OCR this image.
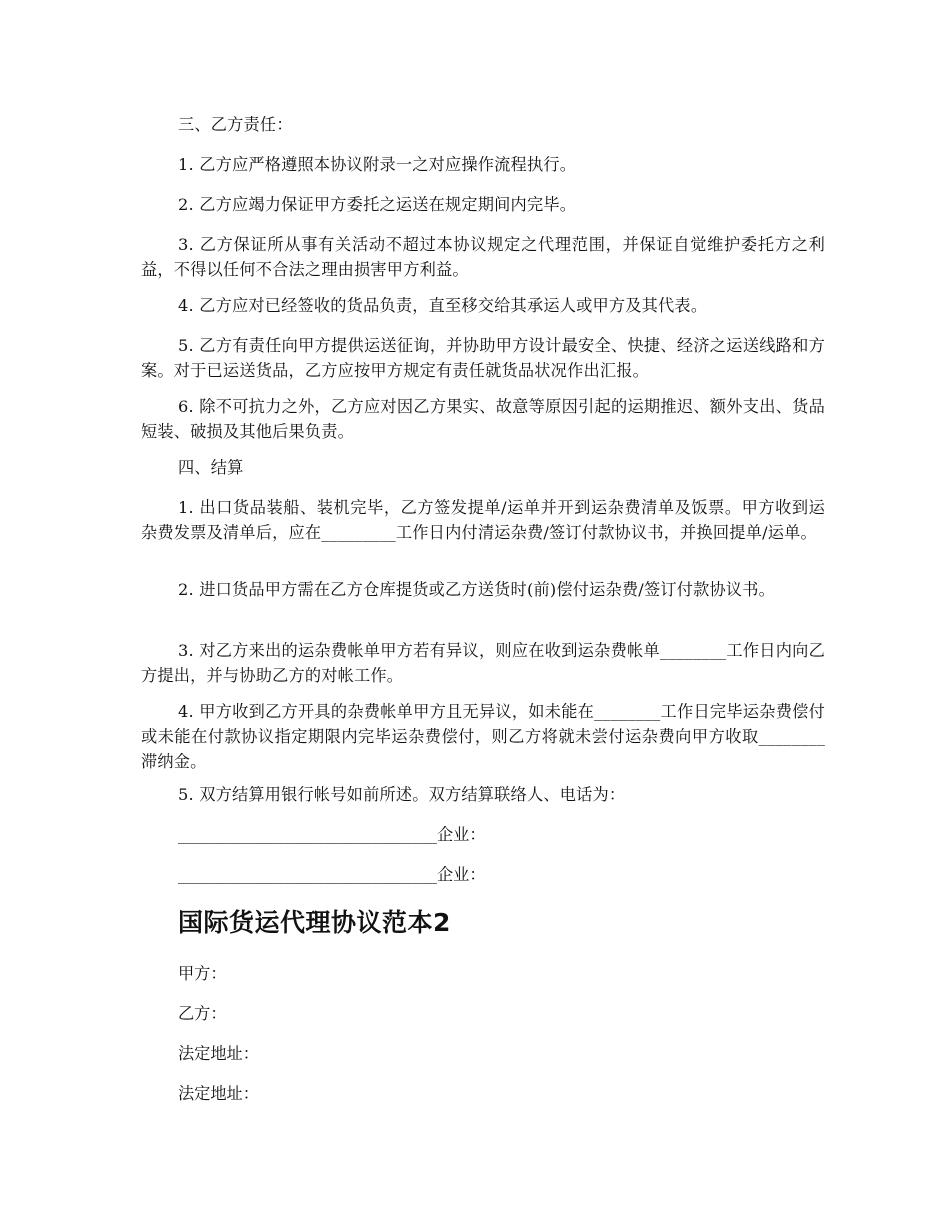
三、乙方责任：

1. 乙方应严格遵照本协议附录一之对应操作流程执行。

2. 乙方应竭力保证甲方委托之运送在规定期间内完毕。

3. 乙方保证所从事有关活动不超过本协议规定之代理范围，并保证自觉维护委托方之利益，不得以任何不合法之理由损害甲方利益。

4. 乙方应对已经签收的货品负责，直至移交给其承运人或甲方及其代表。

5. 乙方有责任向甲方提供运送征询，并协助甲方设计最安全、快捷、经济之运送线路和方案。对于已运送货品，乙方应按甲方规定有责任就货品状况作出汇报。

6. 除不可抗力之外，乙方应对因乙方果实、故意等原因引起的运期推迟、额外支出、货品短装、破损及其他后果负责。

四、结算

1. 出口货品装船、装机完毕，乙方签发提单/运单并开到运杂费清单及饭票。甲方收到运杂费发票及清单后，应在_________工作日内付清运杂费/签订付款协议书，并换回提单/运单。

2. 进口货品甲方需在乙方仓库提货或乙方送货时(前)偿付运杂费/签订付款协议书。

3. 对乙方来出的运杂费帐单甲方若有异议，则应在收到运杂费帐单________工作日内向乙方提出，并与协助乙方的对帐工作。

4. 甲方收到乙方开具的杂费帐单甲方且无异议，如未能在________工作日完毕运杂费偿付或未能在付款协议指定期限内完毕运杂费偿付，则乙方将就未尝付运杂费向甲方收取________滞纳金。

5. 双方结算用银行帐号如前所述。双方结算联络人、电话为：

________________________________企业：

________________________________企业：

国际货运代理协议范本2

甲方：

乙方：

法定地址：

法定地址：
